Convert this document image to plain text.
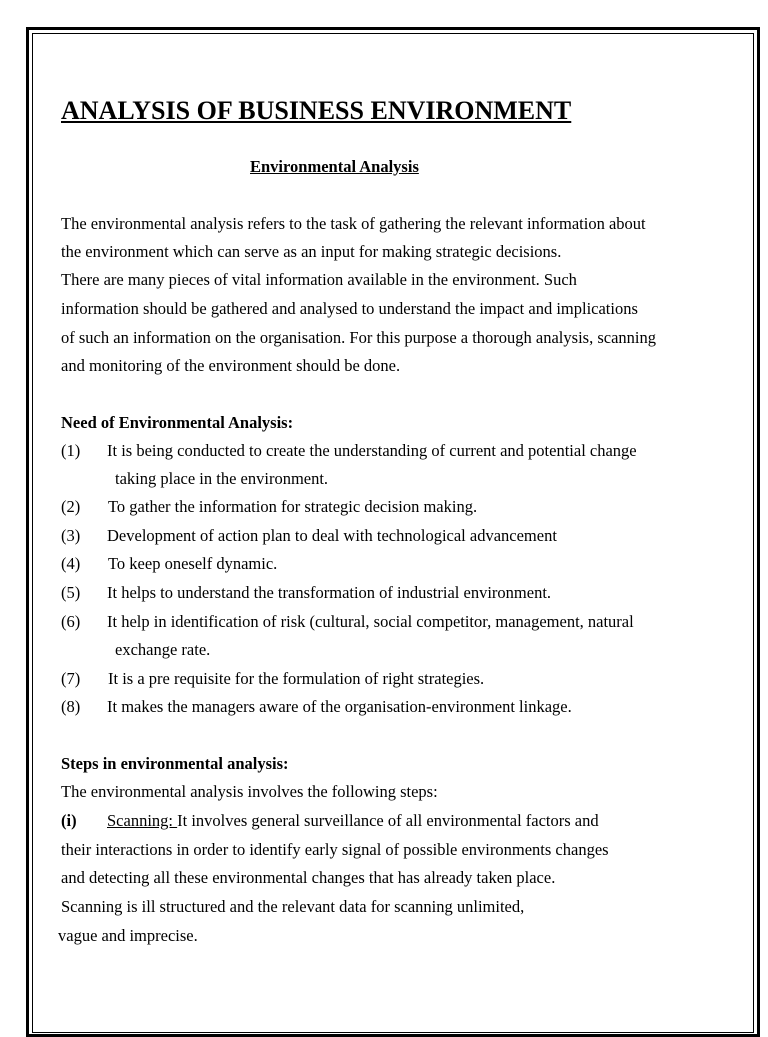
ANALYSIS OF BUSINESS ENVIRONMENT
Environmental Analysis
The environmental analysis refers to the task of gathering the relevant information about
the environment which can serve as an input for making strategic decisions.
There are many pieces of vital information available in the environment. Such
information should be gathered and analysed to understand the impact and implications
of such an information on the organisation. For this purpose a thorough analysis, scanning
and monitoring of the environment should be done.
Need of Environmental Analysis:
(1) It is being conducted to create the understanding of current and potential change
taking place in the environment.
(2) To gather the information for strategic decision making.
(3) Development of action plan to deal with technological advancement
(4) To keep oneself dynamic.
(5) It helps to understand the transformation of industrial environment.
(6) It help in identification of risk (cultural, social competitor, management, natural
exchange rate.
(7) It is a pre requisite for the formulation of right strategies.
(8) It makes the managers aware of the organisation-environment linkage.
Steps in environmental analysis:
The environmental analysis involves the following steps:
(i) Scanning: It involves general surveillance of all environmental factors and
their interactions in order to identify early signal of possible environments changes
and detecting all these environmental changes that has already taken place.
Scanning is ill structured and the relevant data for scanning unlimited,
vague and imprecise.
